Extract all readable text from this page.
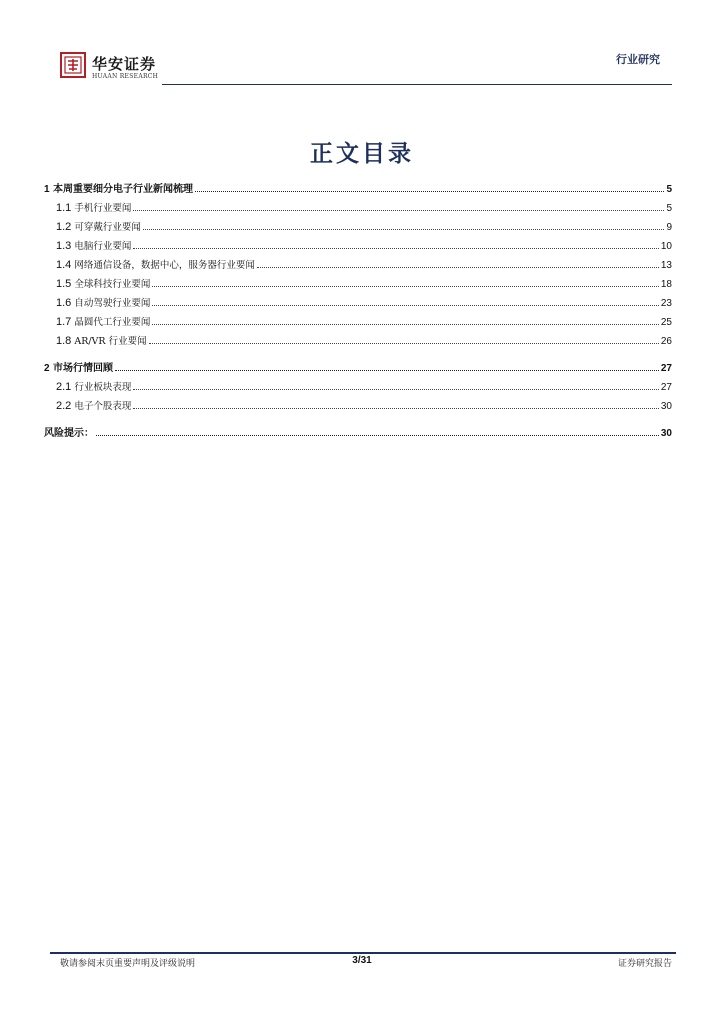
华安证券
HUAAN RESEARCH
行业研究
正文目录
1 本周重要细分电子行业新闻梳理	5
1.1 手机行业要闻	5
1.2 可穿戴行业要闻	9
1.3 电脑行业要闻	10
1.4 网络通信设备，数据中心，服务器行业要闻	13
1.5 全球科技行业要闻	18
1.6 自动驾驶行业要闻	23
1.7 晶圆代工行业要闻	25
1.8 AR/VR 行业要闻	26
2 市场行情回顾	27
2.1 行业板块表现	27
2.2 电子个股表现	30
风险提示：	30
敬请参阅末页重要声明及评级说明	3/31	证券研究报告
